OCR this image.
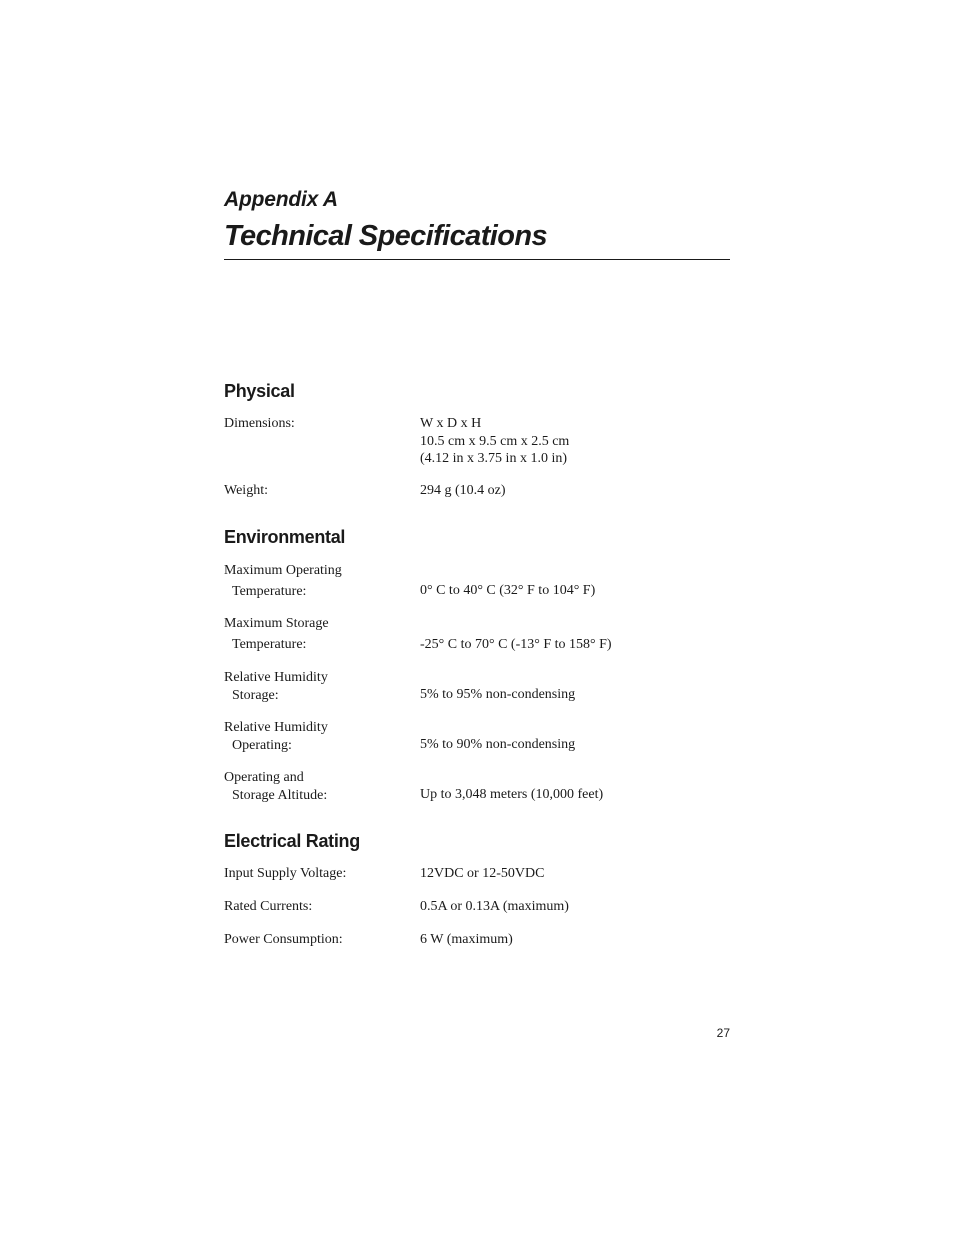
Appendix A
Technical Specifications
Physical
Dimensions:	W x D x H
10.5 cm x 9.5 cm x 2.5 cm
(4.12 in x 3.75 in x 1.0 in)
Weight:	294 g (10.4 oz)
Environmental
Maximum Operating
Temperature:	0° C to 40° C (32° F to 104° F)
Maximum Storage
Temperature:	-25° C to 70° C (-13° F to 158° F)
Relative Humidity
Storage:	5% to 95% non-condensing
Relative Humidity
Operating:	5% to 90% non-condensing
Operating and
Storage Altitude:	Up to 3,048 meters (10,000 feet)
Electrical Rating
Input Supply Voltage:	12VDC or 12-50VDC
Rated Currents:	0.5A or 0.13A (maximum)
Power Consumption:	6 W (maximum)
27
